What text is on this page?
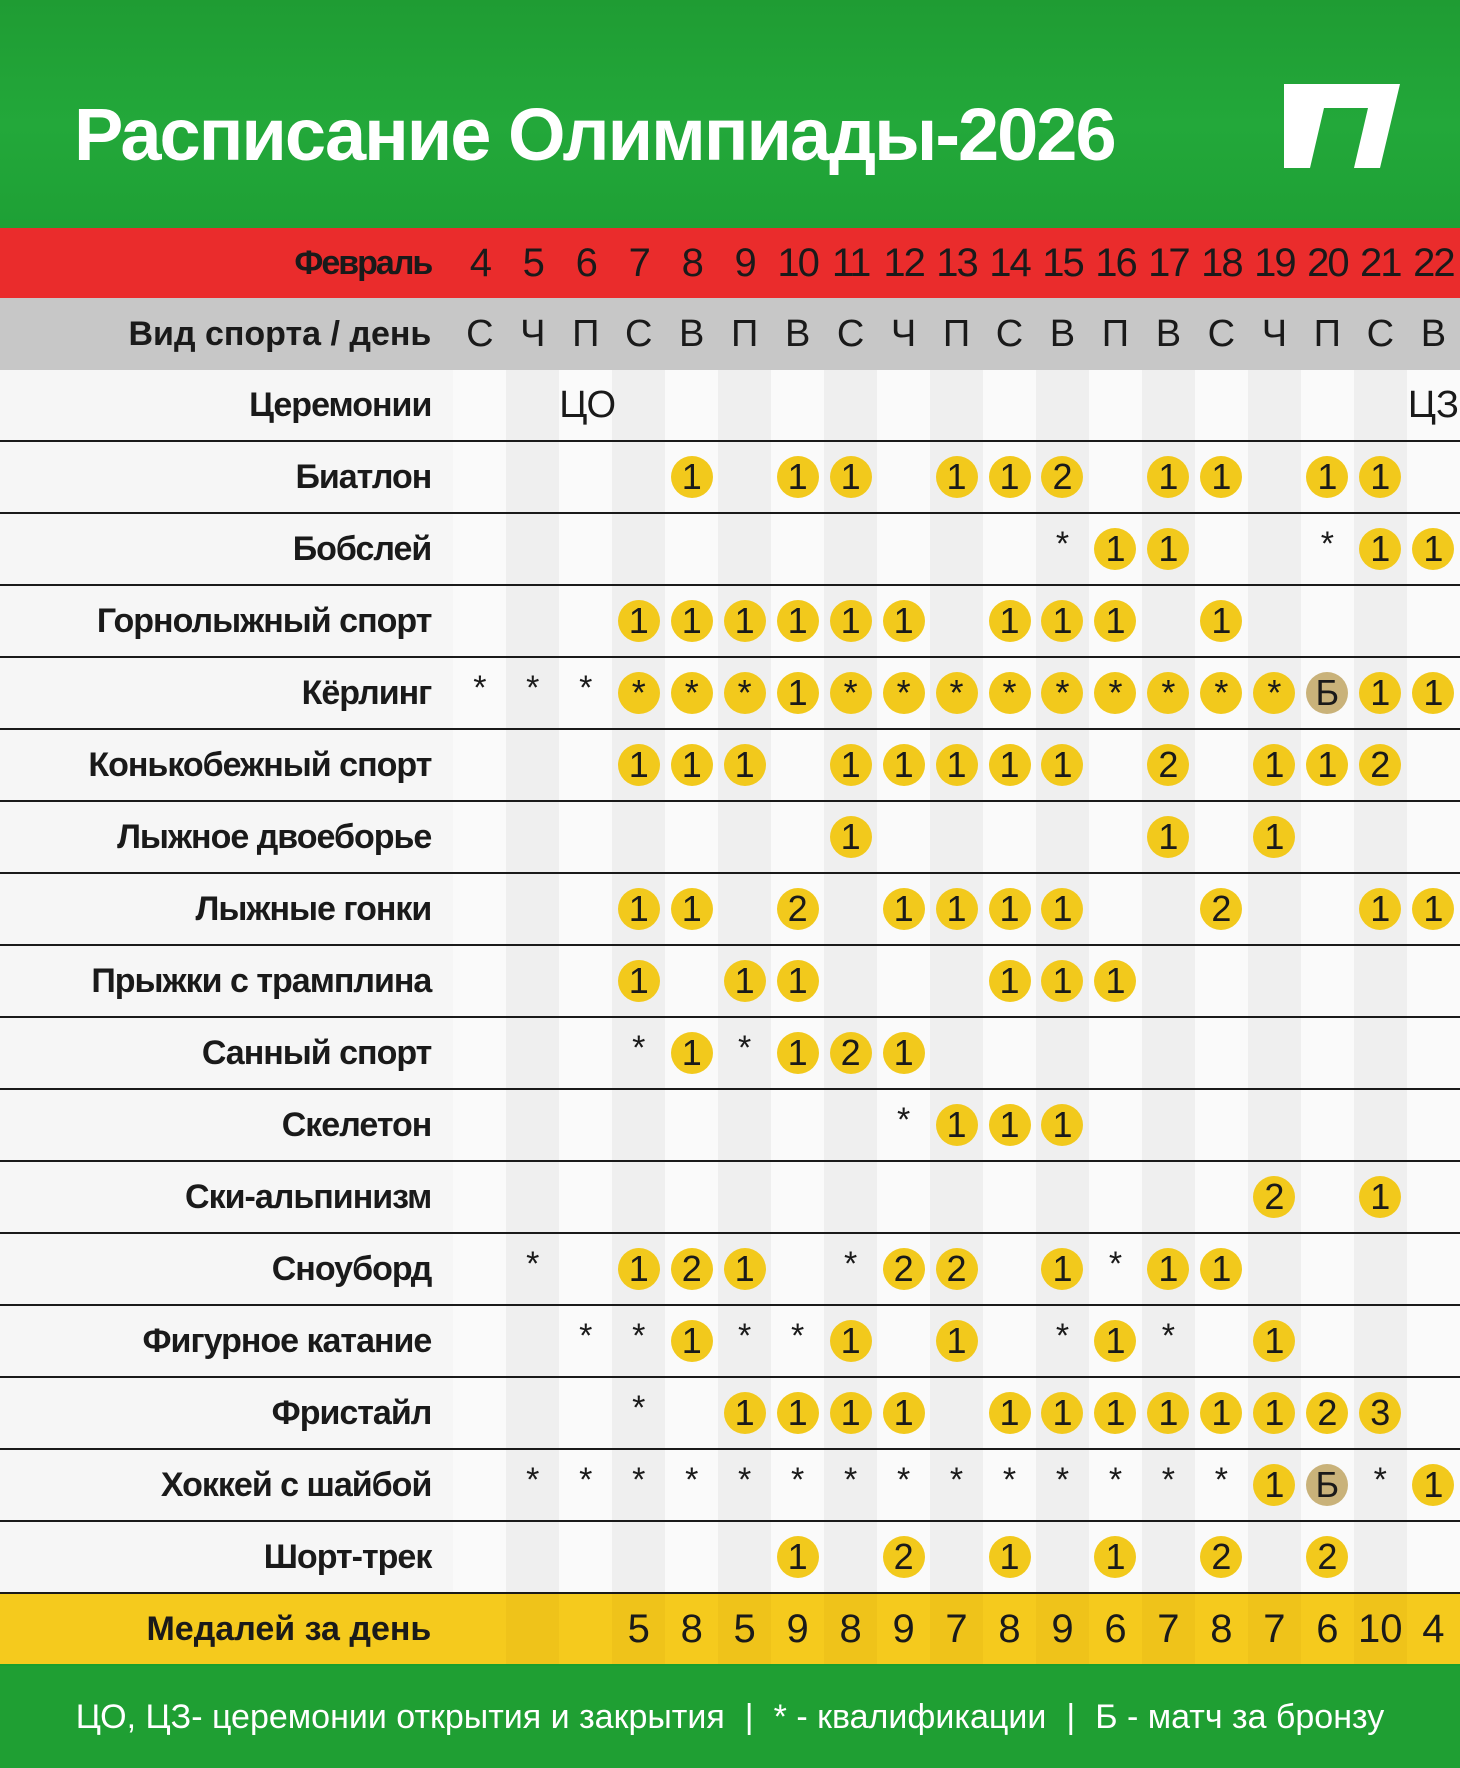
Расписание Олимпиады-2026
Февраль	4	5	6	7	8	9	10	11	12	13	14	15	16	17	18	19	20	21	22
Вид спорта / день	С	Ч	П	С	В	П	В	С	Ч	П	С	В	П	В	С	Ч	П	С	В
Церемонии			ЦО																ЦЗ
Биатлон					1		1	1		1	1	2		1	1		1	1	
Бобслей												*	1	1			*	1	1
Горнолыжный спорт				1	1	1	1	1	1		1	1	1		1				
Кёрлинг	*	*	*	*	*	*	1	*	*	*	*	*	*	*	*	*	Б	1	1
Конькобежный спорт				1	1	1		1	1	1	1	1		2		1	1	2	
Лыжное двоеборье								1						1		1			
Лыжные гонки				1	1		2		1	1	1	1			2			1	1
Прыжки с трамплина				1		1	1				1	1	1						
Санный спорт				*	1	*	1	2	1										
Скелетон									*	1	1	1							
Ски-альпинизм																2		1	
Сноуборд		*		1	2	1		*	2	2		1	*	1	1				
Фигурное катание			*	*	1	*	*	1		1		*	1	*		1			
Фристайл				*		1	1	1	1		1	1	1	1	1	1	2	3	
Хоккей с шайбой		*	*	*	*	*	*	*	*	*	*	*	*	*	*	1	Б	*	1
Шорт-трек							1		2		1		1		2		2		
Медалей за день				5	8	5	9	8	9	7	8	9	6	7	8	7	6	10	4
ЦО, ЦЗ- церемонии открытия и закрытия | * - квалификации | Б - матч за бронзу
